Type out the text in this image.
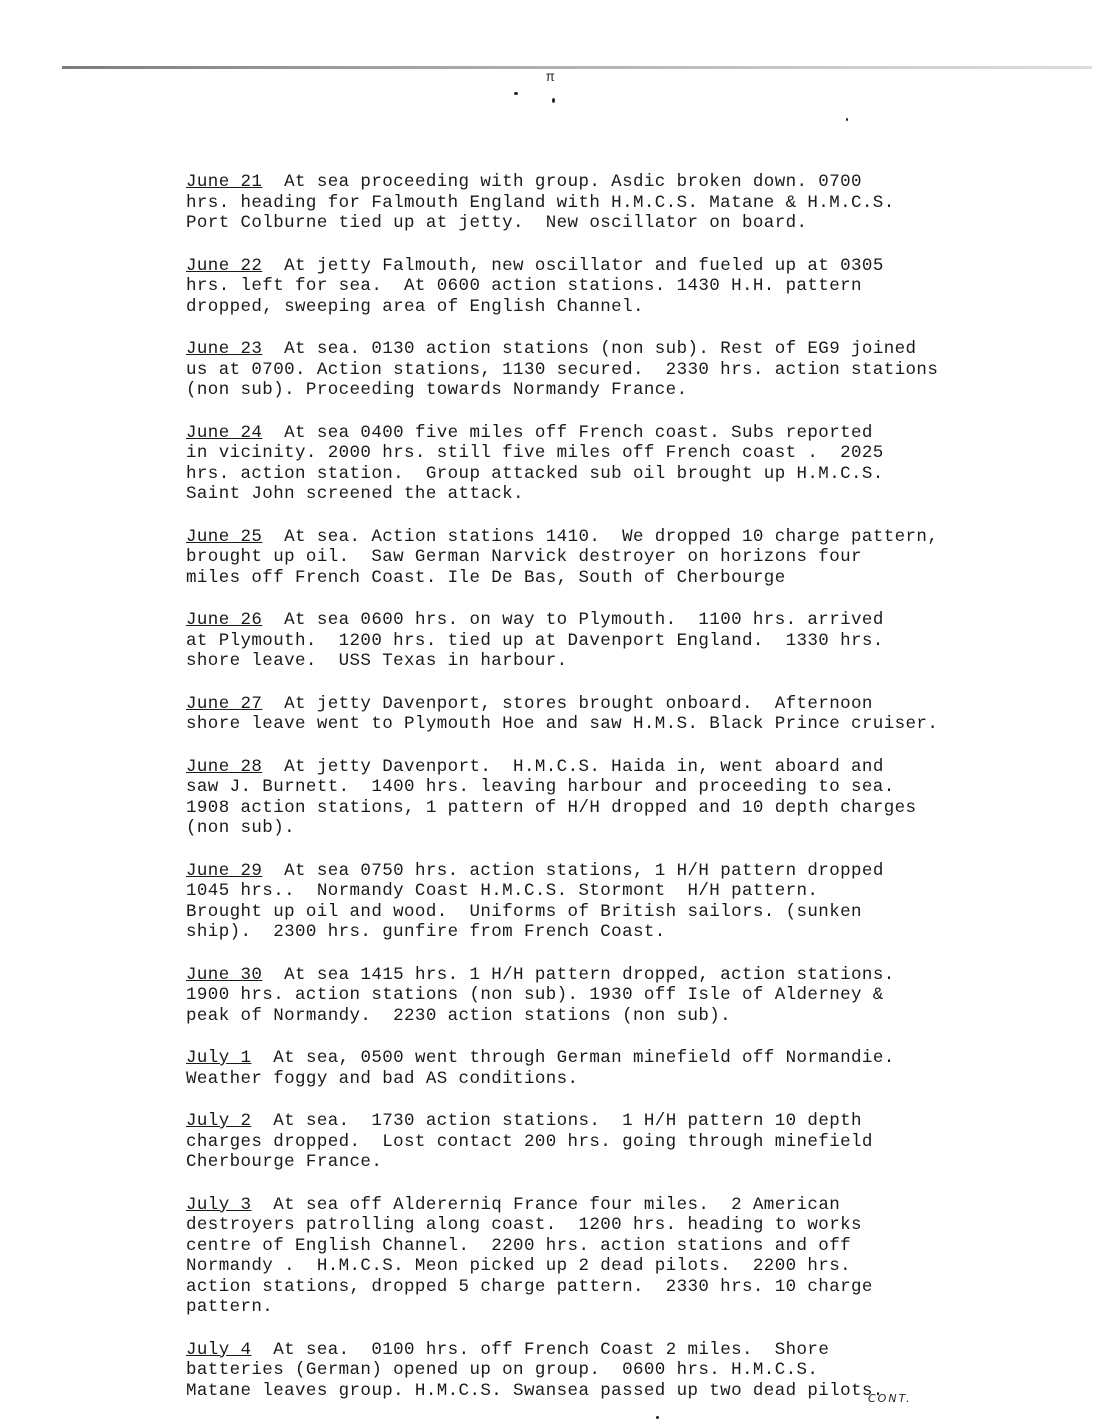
π

June 21 At sea proceeding with group. Asdic broken down. 0700

hrs. heading for Falmouth England with H.M.C.S. Matane & H.M.C.S.

Port Colburne tied up at jetty.  New oscillator on board.

June 22 At jetty Falmouth, new oscillator and fueled up at 0305

hrs. left for sea.  At 0600 action stations. 1430 H.H. pattern

dropped, sweeping area of English Channel.

June 23 At sea. 0130 action stations (non sub). Rest of EG9 joined

us at 0700. Action stations, 1130 secured.  2330 hrs. action stations

(non sub). Proceeding towards Normandy France.

June 24 At sea 0400 five miles off French coast. Subs reported

in vicinity. 2000 hrs. still five miles off French coast .  2025

hrs. action station.  Group attacked sub oil brought up H.M.C.S.

Saint John screened the attack.

June 25 At sea. Action stations 1410.  We dropped 10 charge pattern,

brought up oil.  Saw German Narvick destroyer on horizons four

miles off French Coast. Ile De Bas, South of Cherbourge

June 26 At sea 0600 hrs. on way to Plymouth.  1100 hrs. arrived

at Plymouth.  1200 hrs. tied up at Davenport England.  1330 hrs.

shore leave.  USS Texas in harbour.

June 27 At jetty Davenport, stores brought onboard.  Afternoon

shore leave went to Plymouth Hoe and saw H.M.S. Black Prince cruiser.

June 28 At jetty Davenport.  H.M.C.S. Haida in, went aboard and

saw J. Burnett.  1400 hrs. leaving harbour and proceeding to sea.

1908 action stations, 1 pattern of H/H dropped and 10 depth charges

(non sub).

June 29 At sea 0750 hrs. action stations, 1 H/H pattern dropped

1045 hrs..  Normandy Coast H.M.C.S. Stormont  H/H pattern.

Brought up oil and wood.  Uniforms of British sailors. (sunken

ship).  2300 hrs. gunfire from French Coast.

June 30 At sea 1415 hrs. 1 H/H pattern dropped, action stations.

1900 hrs. action stations (non sub). 1930 off Isle of Alderney &

peak of Normandy.  2230 action stations (non sub).

July 1 At sea, 0500 went through German minefield off Normandie.

Weather foggy and bad AS conditions.

July 2 At sea.  1730 action stations.  1 H/H pattern 10 depth

charges dropped.  Lost contact 200 hrs. going through minefield

Cherbourge France.

July 3 At sea off Aldererniq France four miles.  2 American

destroyers patrolling along coast.  1200 hrs. heading to works

centre of English Channel.  2200 hrs. action stations and off

Normandy .  H.M.C.S. Meon picked up 2 dead pilots.  2200 hrs.

action stations, dropped 5 charge pattern.  2330 hrs. 10 charge

pattern.

July 4 At sea.  0100 hrs. off French Coast 2 miles.  Shore

batteries (German) opened up on group.  0600 hrs. H.M.C.S.

Matane leaves group. H.M.C.S. Swansea passed up two dead pilots.

CONT.
